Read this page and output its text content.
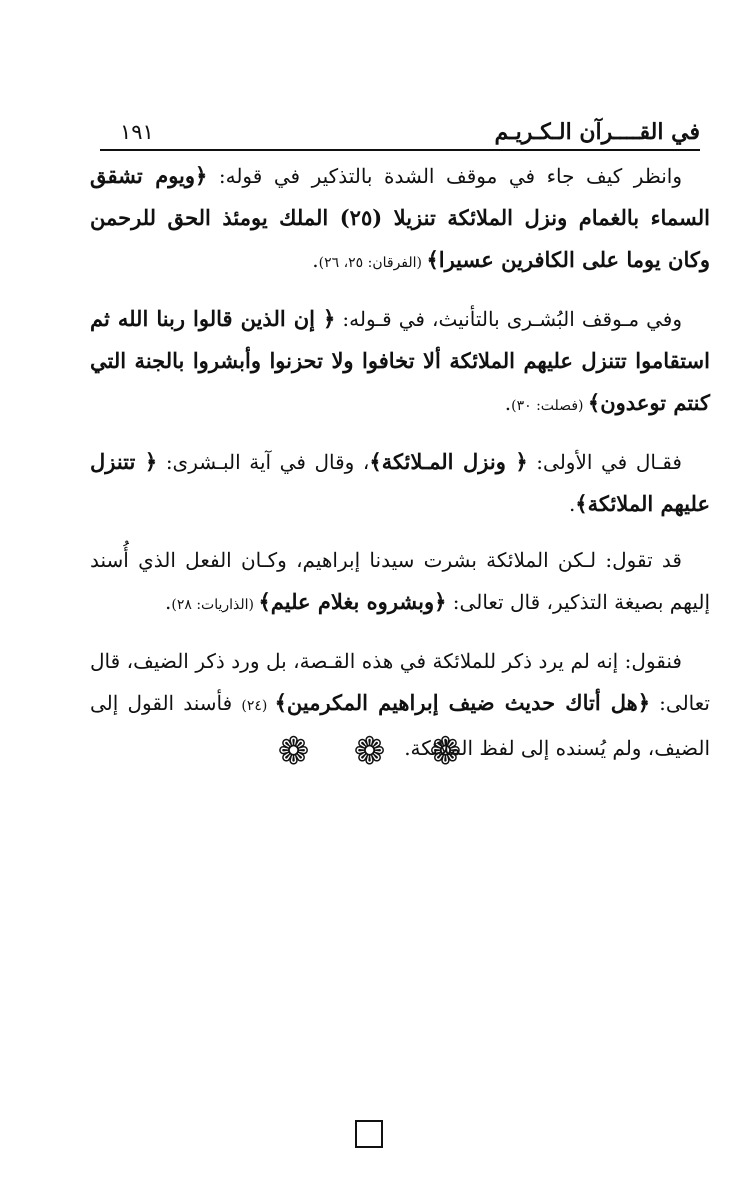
في القــــرآن الـكـريـم
١٩١

وانظر كيف جاء في موقف الشدة بالتذكير في قوله: ﴿ويوم تشقق السماء بالغمام ونزل الملائكة تنزيلا (٢٥) الملك يومئذ الحق للرحمن وكان يوما على الكافرين عسيرا﴾ (الفرقان: ٢٥، ٢٦).

وفي مـوقف البُشـرى بالتأنيث، في قـوله: ﴿ إن الذين قالوا ربنا الله ثم استقاموا تتنزل عليهم الملائكة ألا تخافوا ولا تحزنوا وأبشروا بالجنة التي كنتم توعدون﴾ (فصلت: ٣٠).

فقـال في الأولى: ﴿ ونزل المـلائكة﴾، وقال في آية البـشرى: ﴿ تتنزل عليهم الملائكة﴾.

قد تقول: لـكن الملائكة بشرت سيدنا إبراهيم، وكـان الفعل الذي أُسند إليهم بصيغة التذكير، قال تعالى: ﴿وبشروه بغلام عليم﴾ (الذاريات: ٢٨).

فنقول: إنه لم يرد ذكر للملائكة في هذه القـصة، بل ورد ذكر الضيف، قال تعالى: ﴿هل أتاك حديث ضيف إبراهيم المكرمين﴾ (٢٤) فأسند القول إلى الضيف، ولم يُسنده إلى لفظ الملائكة.

❁ ❁ ❁
